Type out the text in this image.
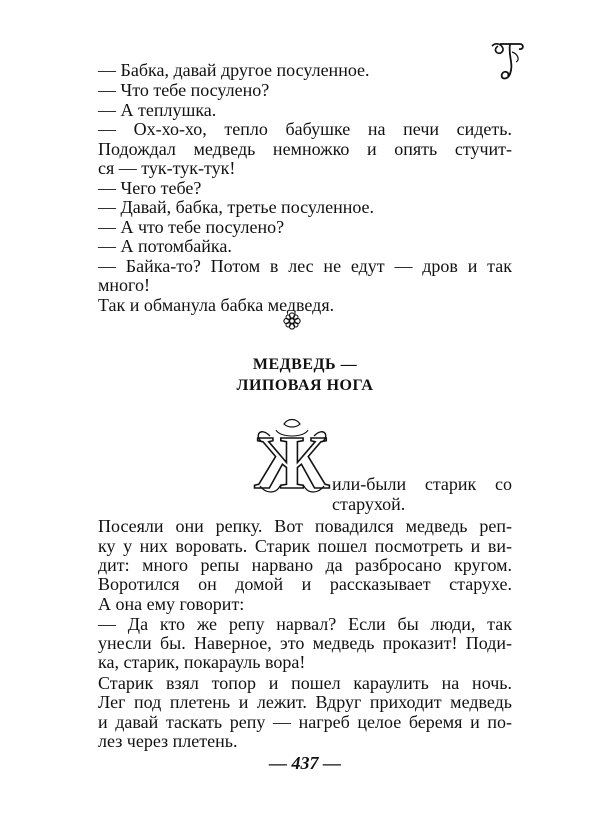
— Бабка, давай другое посуленное.
— Что тебе посулено?
— А теплушка.
— Ох-хо-хо, тепло бабушке на печи сидеть.
Подождал медведь немножко и опять стучит-
ся — тук-тук-тук!
— Чего тебе?
— Давай, бабка, третье посуленное.
— А что тебе посулено?
— А потомбайка.
— Байка-то? Потом в лес не едут — дров и так
много!
Так и обманула бабка медведя.
МЕДВЕДЬ —
ЛИПОВАЯ НОГА
Ж или-были старик со
старухой.
Посеяли они репку. Вот повадился медведь реп-
ку у них воровать. Старик пошел посмотреть и ви-
дит: много репы нарвано да разбросано кругом.
Воротился он домой и рассказывает старухе.
А она ему говорит:
— Да кто же репу нарвал? Если бы люди, так
унесли бы. Наверное, это медведь проказит! Поди-
ка, старик, покарауль вора!
Старик взял топор и пошел караулить на ночь.
Лег под плетень и лежит. Вдруг приходит медведь
и давай таскать репу — нагреб целое беремя и по-
лез через плетень.
— 437 —
